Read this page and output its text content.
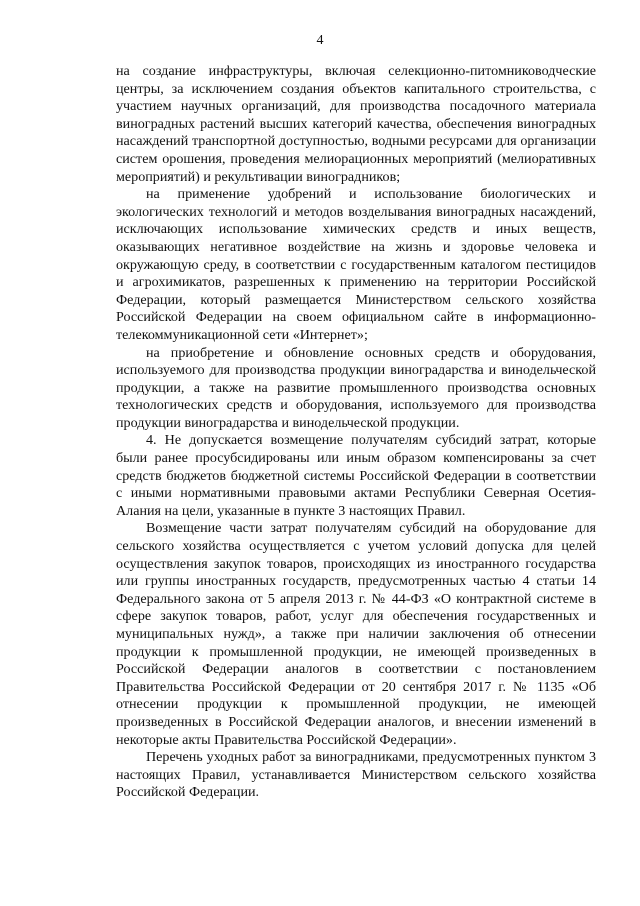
4

на создание инфраструктуры, включая селекционно-питомниководческие центры, за исключением создания объектов капитального строительства, с участием научных организаций, для производства посадочного материала виноградных растений высших категорий качества, обеспечения виноградных насаждений транспортной доступностью, водными ресурсами для организации систем орошения, проведения мелиорационных мероприятий (мелиоративных мероприятий) и рекультивации виноградников;

на применение удобрений и использование биологических и экологических технологий и методов возделывания виноградных насаждений, исключающих использование химических средств и иных веществ, оказывающих негативное воздействие на жизнь и здоровье человека и окружающую среду, в соответствии с государственным каталогом пестицидов и агрохимикатов, разрешенных к применению на территории Российской Федерации, который размещается Министерством сельского хозяйства Российской Федерации на своем официальном сайте в информационно-телекоммуникационной сети «Интернет»;

на приобретение и обновление основных средств и оборудования, используемого для производства продукции виноградарства и винодельческой продукции, а также на развитие промышленного производства основных технологических средств и оборудования, используемого для производства продукции виноградарства и винодельческой продукции.

4. Не допускается возмещение получателям субсидий затрат, которые были ранее просубсидированы или иным образом компенсированы за счет средств бюджетов бюджетной системы Российской Федерации в соответствии с иными нормативными правовыми актами Республики Северная Осетия-Алания на цели, указанные в пункте 3 настоящих Правил.

Возмещение части затрат получателям субсидий на оборудование для сельского хозяйства осуществляется с учетом условий допуска для целей осуществления закупок товаров, происходящих из иностранного государства или группы иностранных государств, предусмотренных частью 4 статьи 14 Федерального закона от 5 апреля 2013 г. № 44-ФЗ «О контрактной системе в сфере закупок товаров, работ, услуг для обеспечения государственных и муниципальных нужд», а также при наличии заключения об отнесении продукции к промышленной продукции, не имеющей произведенных в Российской Федерации аналогов в соответствии с постановлением Правительства Российской Федерации от 20 сентября 2017 г. № 1135 «Об отнесении продукции к промышленной продукции, не имеющей произведенных в Российской Федерации аналогов, и внесении изменений в некоторые акты Правительства Российской Федерации».

Перечень уходных работ за виноградниками, предусмотренных пунктом 3 настоящих Правил, устанавливается Министерством сельского хозяйства Российской Федерации.
